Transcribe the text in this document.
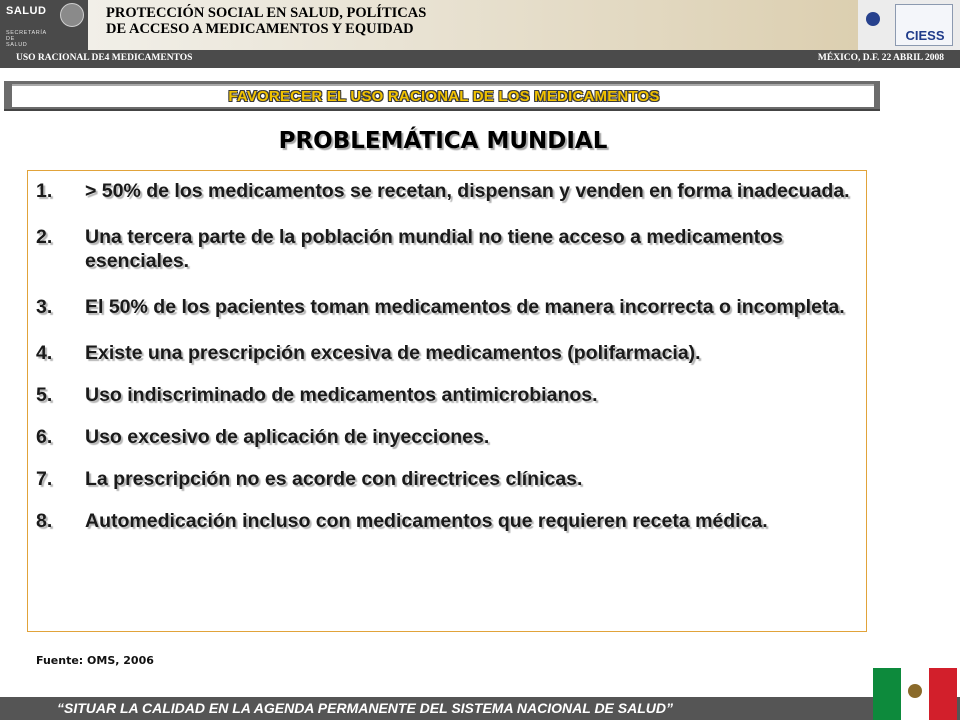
SALUD
SECRETARÍA
DE
SALUD
PROTECCIÓN SOCIAL EN SALUD, POLÍTICAS
DE ACCESO A MEDICAMENTOS Y EQUIDAD	CIESS
USO RACIONAL DE4 MEDICAMENTOS	MÉXICO, D.F. 22 ABRIL 2008
FAVORECER EL USO RACIONAL DE LOS MEDICAMENTOS
PROBLEMÁTICA MUNDIAL
1.	> 50% de los medicamentos se recetan, dispensan y venden en forma inadecuada.
2.	Una tercera parte de la población mundial no tiene acceso a medicamentos esenciales.
3.	El 50% de los pacientes toman medicamentos de manera incorrecta o incompleta.
4.	Existe una prescripción excesiva de medicamentos (polifarmacia).
5.	Uso indiscriminado de medicamentos antimicrobianos.
6.	Uso excesivo de aplicación de inyecciones.
7.	La prescripción no es acorde con directrices clínicas.
8.	Automedicación incluso con medicamentos que requieren receta médica.
Fuente: OMS, 2006
“SITUAR LA CALIDAD EN LA AGENDA PERMANENTE DEL SISTEMA NACIONAL DE SALUD”
